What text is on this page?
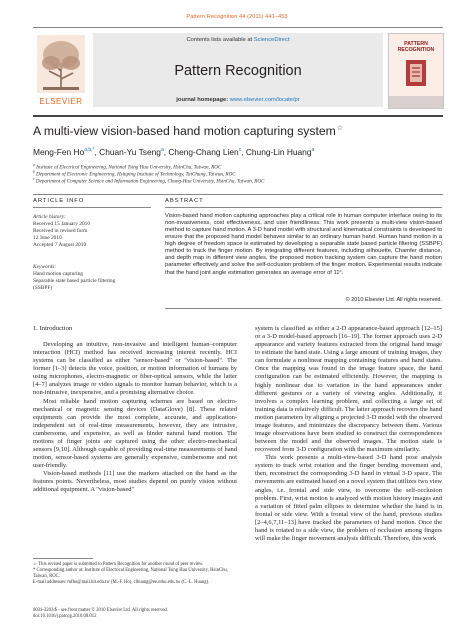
Pattern Recognition 44 (2011) 441–453
ELSEVIER
Contents lists available at ScienceDirect
Pattern Recognition
journal homepage: www.elsevier.com/locate/pr
PATTERN RECOGNITION
A multi-view vision-based hand motion capturing system☆
Meng-Fen $Ho^{a,b,*}$, Chuan-Yu Tseng$^a$, Cheng-Chang Lien$^c$, Chung-Lin Huang$^a$
$^a$ Institute of Electrical Engineering, National Tsing Hua University, HsinChu, Taiwan, ROC
$^b$ Department of Electronic Engineering, Hsiuping Institute of Technology, TaiChung, Taiwan, ROC
$^c$ Department of Computer Science and Information Engineering, Chung-Hua University, HsinChu, Taiwan, ROC
ARTICLE INFO	ABSTRACT
Article history:
Received 15 January 2010
Received in revised form
12 June 2010
Accepted 7 August 2010
Keywords:
Hand motion capturing
Separable state based particle filtering
(SSBPF)
Vision-based hand motion capturing approaches play a critical role in human computer interface owing to its non-invasiveness, cost effectiveness, and user friendliness. This work presents a multi-view vision-based method to capture hand motion. A 3-D hand model with structural and kinematical constraints is developed to ensure that the proposed hand model behaves similar to an ordinary human hand. Human hand motion in a high degree of freedom space is estimated by developing a separable state based particle filtering (SSBPF) method to track the finger motion. By integrating different features, including silhouette, Chamfer distance, and depth map in different view angles, the proposed motion tracking system can capture the hand motion parameter effectively and solve the self-occlusion problem of the finger motion. Experimental results indicate that the hand joint angle estimation generates an average error of 11°.
© 2010 Elsevier Ltd. All rights reserved.
1. Introduction

Developing an intuitive, non-invasive and intelligent human–computer interaction (HCI) method has received increasing interest recently. HCI systems can be classified as either "sensor-based" or "vision-based". The former [1–3] detects the voice, position, or motion information of humans by using microphones, electro-magnetic or fiber-optical sensors, while the latter [4–7] analyzes image or video signals to monitor human behavior, which is a non-intrusive, inexpensive, and a promising alternative choice.

Most reliable hand motion capturing schemes are based on electro-mechanical or magnetic sensing devices (DataGlove) [8]. These related equipments can provide the most complete, accurate, and application-independent set of real-time measurements, however, they are intrusive, cumbersome, and expensive, as well as hinder natural hand motion. The motions of finger joints are captured using the other electro-mechanical sensors [9,10]. Although capable of providing real-time measurements of hand motion, sensor-based systems are generally expensive, cumbersome and not user-friendly.

Vision-based methods [11] use the markers attached on the hand as the features points. Nevertheless, most studies depend on purely vision without additional equipment. A "vision-based"

system is classified as either a 2-D appearance-based approach [12–15] or a 3-D model-based approach [16–19]. The former approach uses 2-D appearance and variety features extracted from the original hand image to estimate the hand state. Using a large amount of training images, they can formulate a nonlinear mapping containing features and hand states. Once the mapping was found in the image feature space, the hand configuration can be estimated efficiently. However, the mapping is highly nonlinear due to variation in the hand appearances under different gestures or a variety of viewing angles. Additionally, it involves a complex learning problem, and collecting a large set of training data is relatively difficult. The latter approach recovers the hand motion parameters by aligning a projected 3-D model with the observed image features, and minimizes the discrepancy between them. Various image observations have been studied to construct the correspondences between the model and the observed images. The motion state is recovered from 3-D configuration with the maximum similarity.

This work presents a multi-view-based 3-D hand pose analysis system to track wrist rotation and the finger bending movement and, then, reconstruct the corresponding 3-D hand in virtual 3-D space. The movements are estimated based on a novel system that utilizes two view angles, i.e. frontal and side view, to overcome the self-occlusion problem. First, wrist motion is analyzed with motion history images and a variation of fitted palm ellipses to determine whether the hand is in frontal or side view. With a frontal view of the hand, previous studies [2–4,6,7,11–13] have tracked the parameters of hand motion. Once the hand is rotated to a side view, the problem of occlusion among fingers will make the finger movement analysis difficult. Therefore, this work

☆ This revised paper is submitted to Pattern Recognition for another round of peer review.

* Corresponding author at: Institute of Electrical Engineering, National Tsing Hua University, HsinChu, Taiwan, ROC.

E-mail addresses: mfho@mail.hit.edu.tw (M.-F. Ho), clhuang@ee.nthu.edu.tw (C.-L. Huang).

0031-3203/$ - see front matter © 2010 Elsevier Ltd. All rights reserved.
doi:10.1016/j.patcog.2010.08.012
